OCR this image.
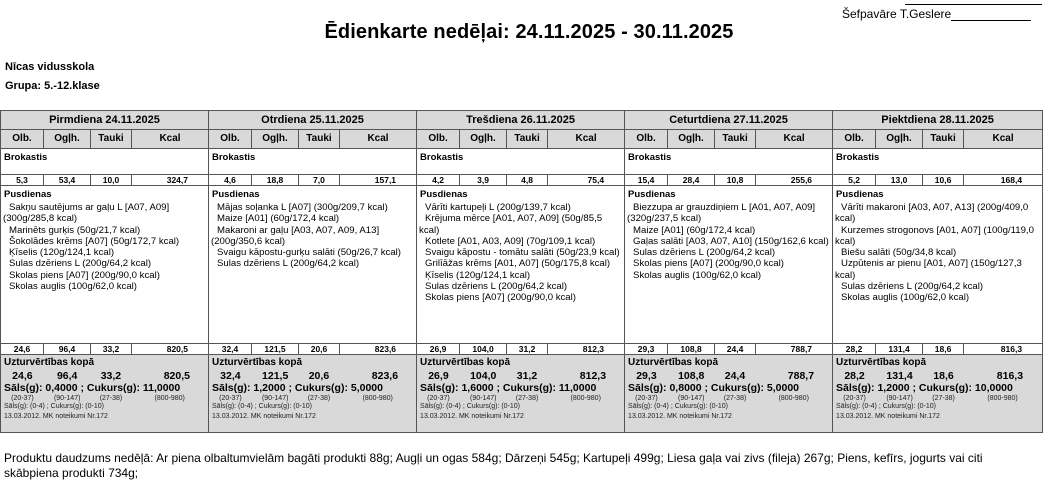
Šefpavāre T.Geslere
Ēdienkarte nedēļai: 24.11.2025 - 30.11.2025
Nīcas vidusskola
Grupa: 5.-12.klase
Pirmdiena 24.11.2025				Otrdiena 25.11.2025				Trešdiena 26.11.2025				Ceturtdiena 27.11.2025				Piektdiena 28.11.2025			
Olb.	Ogļh.	Tauki	Kcal	Olb.	Ogļh.	Tauki	Kcal	Olb.	Ogļh.	Tauki	Kcal	Olb.	Ogļh.	Tauki	Kcal	Olb.	Ogļh.	Tauki	Kcal

Brokastis				Brokastis				Brokastis				Brokastis				Brokastis			

5,3	53,4	10,0	324,7	4,6	18,8	7,0	157,1	4,2	3,9	4,8	75,4	15,4	28,4	10,8	255,6	5,2	13,0	10,6	168,4

Pusdienas
Sakņu sautējums ar gaļu L [A07, A09] (300g/285,8 kcal)
Marinēts gurķis (50g/21,7 kcal)
Šokolādes krēms [A07] (50g/172,7 kcal)
Ķīselis (120g/124,1 kcal)
Sulas dzēriens L (200g/64,2 kcal)
Skolas piens [A07] (200g/90,0 kcal)
Skolas auglis (100g/62,0 kcal)

Pusdienas
Mājas soļanka L [A07] (300g/209,7 kcal)
Maize [A01] (60g/172,4 kcal)
Makaroni ar gaļu [A03, A07, A09, A13] (200g/350,6 kcal)
Svaigu kāpostu-gurķu salāti (50g/26,7 kcal)
Sulas dzēriens L (200g/64,2 kcal)

Pusdienas
Vārīti kartupeļi L (200g/139,7 kcal)
Krējuma mērce [A01, A07, A09] (50g/85,5 kcal)
Kotlete [A01, A03, A09] (70g/109,1 kcal)
Svaigu kāpostu - tomātu salāti (50g/23,9 kcal)
Grilīāžas krēms [A01, A07] (50g/175,8 kcal)
Ķīselis (120g/124,1 kcal)
Sulas dzēriens L (200g/64,2 kcal)
Skolas piens [A07] (200g/90,0 kcal)

Pusdienas
Biezzupa ar grauzdiņiem L [A01, A07, A09] (320g/237,5 kcal)
Maize [A01] (60g/172,4 kcal)
Gaļas salāti [A03, A07, A10] (150g/162,6 kcal)
Sulas dzēriens L (200g/64,2 kcal)
Skolas piens [A07] (200g/90,0 kcal)
Skolas auglis (100g/62,0 kcal)

Pusdienas
Vārīti makaroni [A03, A07, A13] (200g/409,0 kcal)
Kurzemes strogonovs [A01, A07] (100g/119,0 kcal)
Biešu salāti (50g/34,8 kcal)
Uzpūtenis ar pienu [A01, A07] (150g/127,3 kcal)
Sulas dzēriens L (200g/64,2 kcal)
Skolas auglis (100g/62,0 kcal)

24,6	96,4	33,2	820,5	32,4	121,5	20,6	823,6	26,9	104,0	31,2	812,3	29,3	108,8	24,4	788,7	28,2	131,4	18,6	816,3

Uzturvērtības kopā
24,6	96,4	33,2	820,5
Sāls(g): 0,4000 ; Cukurs(g): 11,0000
(20-37)	(90-147)	(27-38)	(800-980)
Sāls(g): (0-4) ; Cukurs(g): (0-10)
13.03.2012. MK noteikumi Nr.172

Uzturvērtības kopā
32,4	121,5	20,6	823,6
Sāls(g): 1,2000 ; Cukurs(g): 5,0000
(20-37)	(90-147)	(27-38)	(800-980)
Sāls(g): (0-4) ; Cukurs(g): (0-10)
13.03.2012. MK noteikumi Nr.172

Uzturvērtības kopā
26,9	104,0	31,2	812,3
Sāls(g): 1,6000 ; Cukurs(g): 11,0000
(20-37)	(90-147)	(27-38)	(800-980)
Sāls(g): (0-4) ; Cukurs(g): (0-10)
13.03.2012. MK noteikumi Nr.172

Uzturvērtības kopā
29,3	108,8	24,4	788,7
Sāls(g): 0,8000 ; Cukurs(g): 5,0000
(20-37)	(90-147)	(27-38)	(800-980)
Sāls(g): (0-4) ; Cukurs(g): (0-10)
13.03.2012. MK noteikumi Nr.172

Uzturvērtības kopā
28,2	131,4	18,6	816,3
Sāls(g): 1,2000 ; Cukurs(g): 10,0000
(20-37)	(90-147)	(27-38)	(800-980)
Sāls(g): (0-4) ; Cukurs(g): (0-10)
13.03.2012. MK noteikumi Nr.172
Produktu daudzums nedēļā: Ar piena olbaltumvielām bagāti produkti 88g; Augļi un ogas 584g; Dārzeņi 545g; Kartupeļi 499g; Liesa gaļa vai zivs (fileja) 267g; Piens, kefīrs, jogurts vai citi skābpiena produkti 734g;
